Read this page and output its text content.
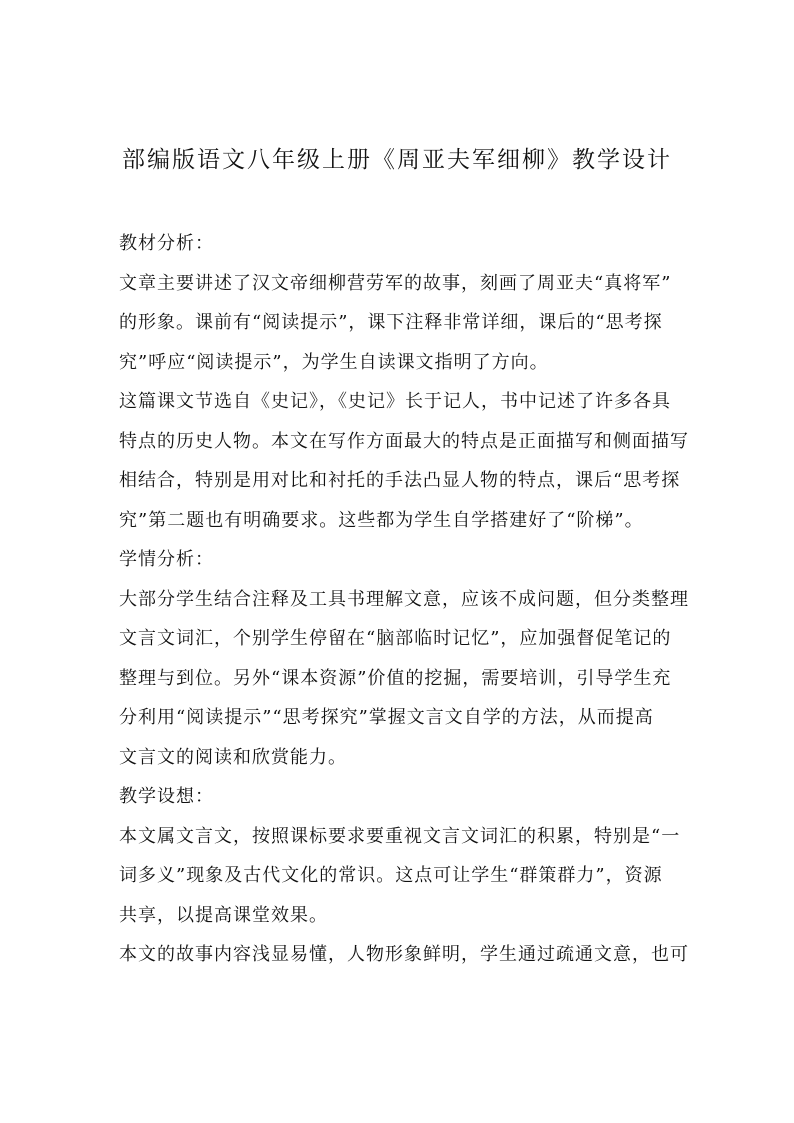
部编版语文八年级上册《周亚夫军细柳》教学设计
教材分析：
文章主要讲述了汉文帝细柳营劳军的故事，刻画了周亚夫“真将军”
的形象。课前有“阅读提示”，课下注释非常详细，课后的“思考探
究”呼应“阅读提示”，为学生自读课文指明了方向。
这篇课文节选自《史记》，《史记》长于记人，书中记述了许多各具
特点的历史人物。本文在写作方面最大的特点是正面描写和侧面描写
相结合，特别是用对比和衬托的手法凸显人物的特点，课后“思考探
究”第二题也有明确要求。这些都为学生自学搭建好了“阶梯”。
学情分析：
大部分学生结合注释及工具书理解文意，应该不成问题，但分类整理
文言文词汇，个别学生停留在“脑部临时记忆”，应加强督促笔记的
整理与到位。另外“课本资源”价值的挖掘，需要培训，引导学生充
分利用“阅读提示”“思考探究”掌握文言文自学的方法，从而提高
文言文的阅读和欣赏能力。
教学设想：
本文属文言文，按照课标要求要重视文言文词汇的积累，特别是“一
词多义”现象及古代文化的常识。这点可让学生“群策群力”，资源
共享，以提高课堂效果。
本文的故事内容浅显易懂，人物形象鲜明，学生通过疏通文意，也可
